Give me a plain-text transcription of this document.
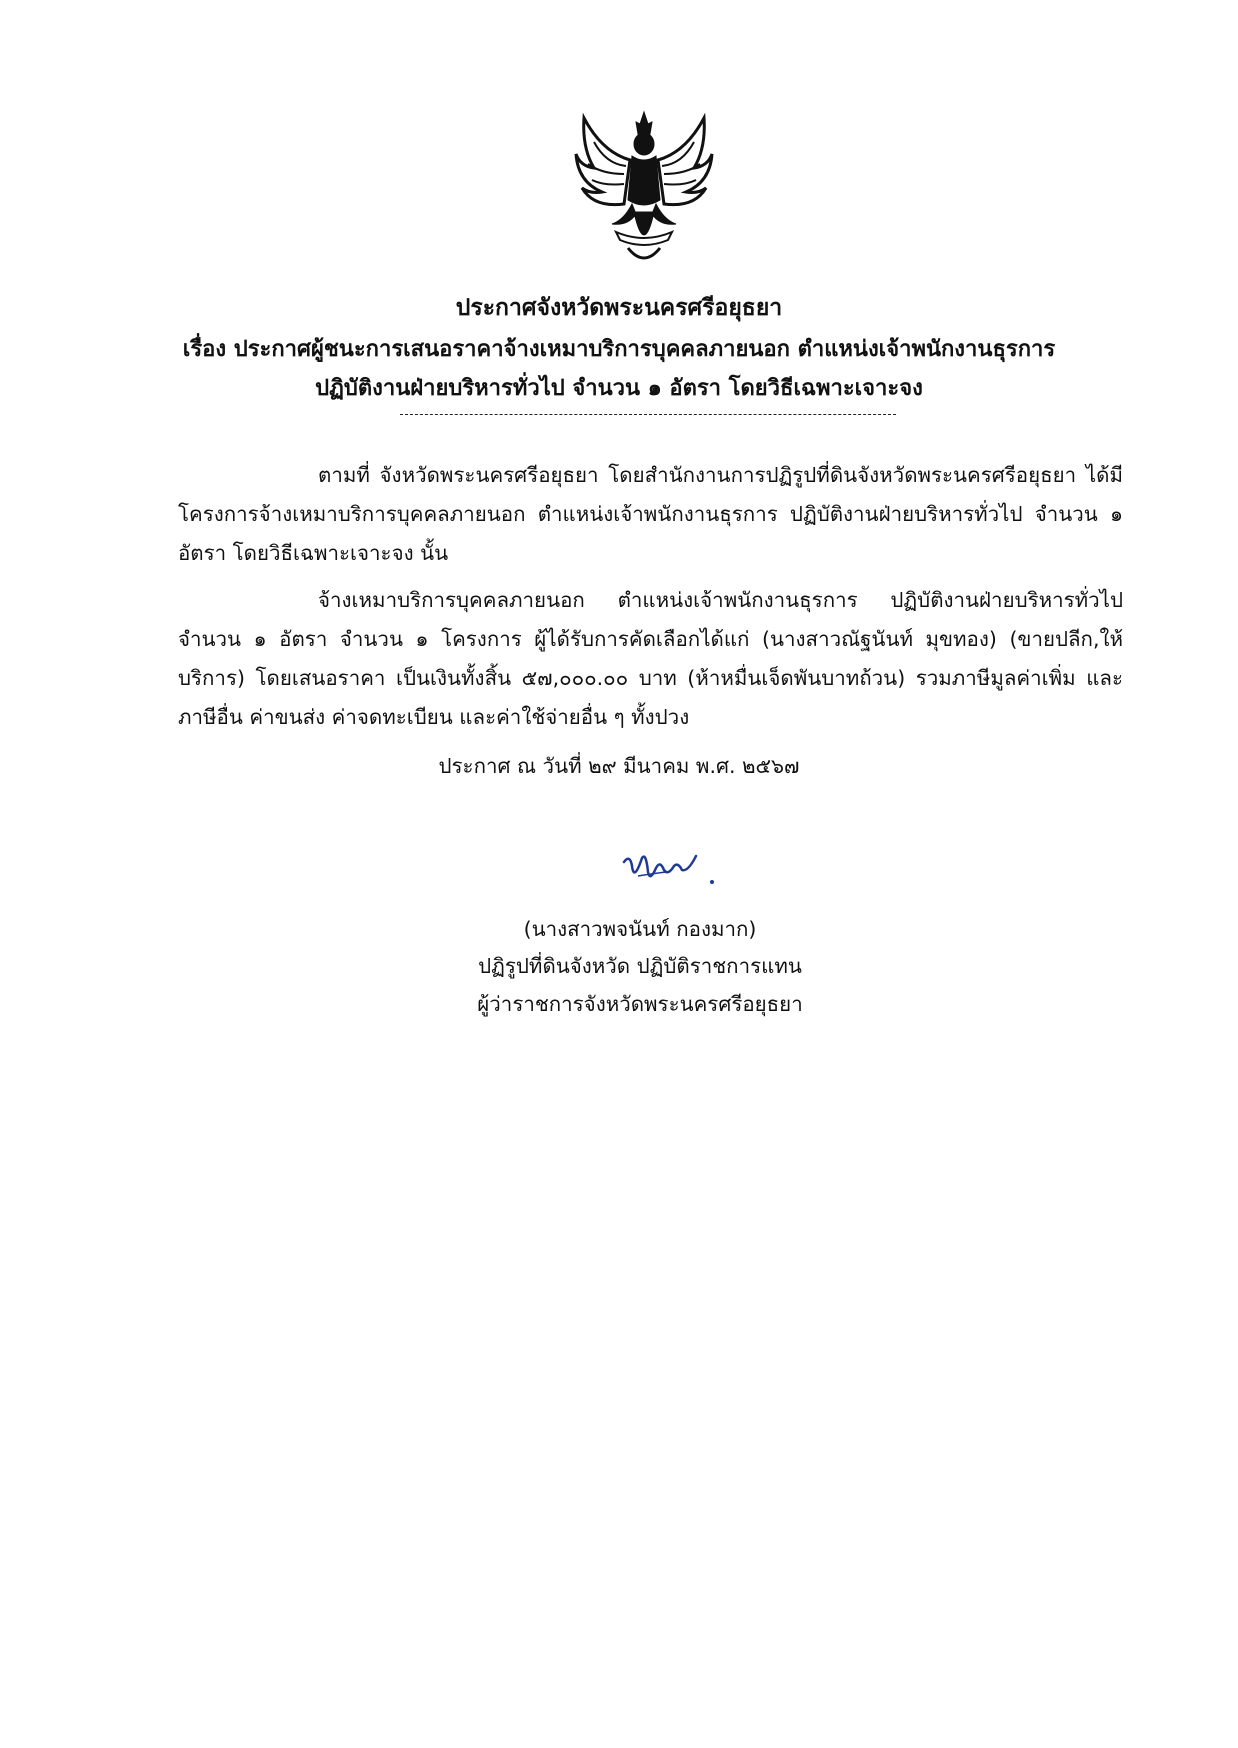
ประกาศจังหวัดพระนครศรีอยุธยา
เรื่อง ประกาศผู้ชนะการเสนอราคาจ้างเหมาบริการบุคคลภายนอก ตำแหน่งเจ้าพนักงานธุรการ
ปฏิบัติงานฝ่ายบริหารทั่วไป จำนวน ๑ อัตรา โดยวิธีเฉพาะเจาะจง

ตามที่ จังหวัดพระนครศรีอยุธยา โดยสำนักงานการปฏิรูปที่ดินจังหวัดพระนครศรีอยุธยา ได้มีโครงการจ้างเหมาบริการบุคคลภายนอก ตำแหน่งเจ้าพนักงานธุรการ ปฏิบัติงานฝ่ายบริหารทั่วไป จำนวน ๑ อัตรา โดยวิธีเฉพาะเจาะจง นั้น

จ้างเหมาบริการบุคคลภายนอก ตำแหน่งเจ้าพนักงานธุรการ ปฏิบัติงานฝ่ายบริหารทั่วไป จำนวน ๑ อัตรา จำนวน ๑ โครงการ ผู้ได้รับการคัดเลือกได้แก่ (นางสาวณัฐนันท์ มุขทอง) (ขายปลีก,ให้บริการ) โดยเสนอราคา เป็นเงินทั้งสิ้น ๕๗,๐๐๐.๐๐ บาท (ห้าหมื่นเจ็ดพันบาทถ้วน) รวมภาษีมูลค่าเพิ่ม และภาษีอื่น ค่าขนส่ง ค่าจดทะเบียน และค่าใช้จ่ายอื่น ๆ ทั้งปวง

ประกาศ ณ วันที่ ๒๙ มีนาคม พ.ศ. ๒๕๖๗
(นางสาวพจนันท์ กองมาก)
ปฏิรูปที่ดินจังหวัด ปฏิบัติราชการแทน
ผู้ว่าราชการจังหวัดพระนครศรีอยุธยา
